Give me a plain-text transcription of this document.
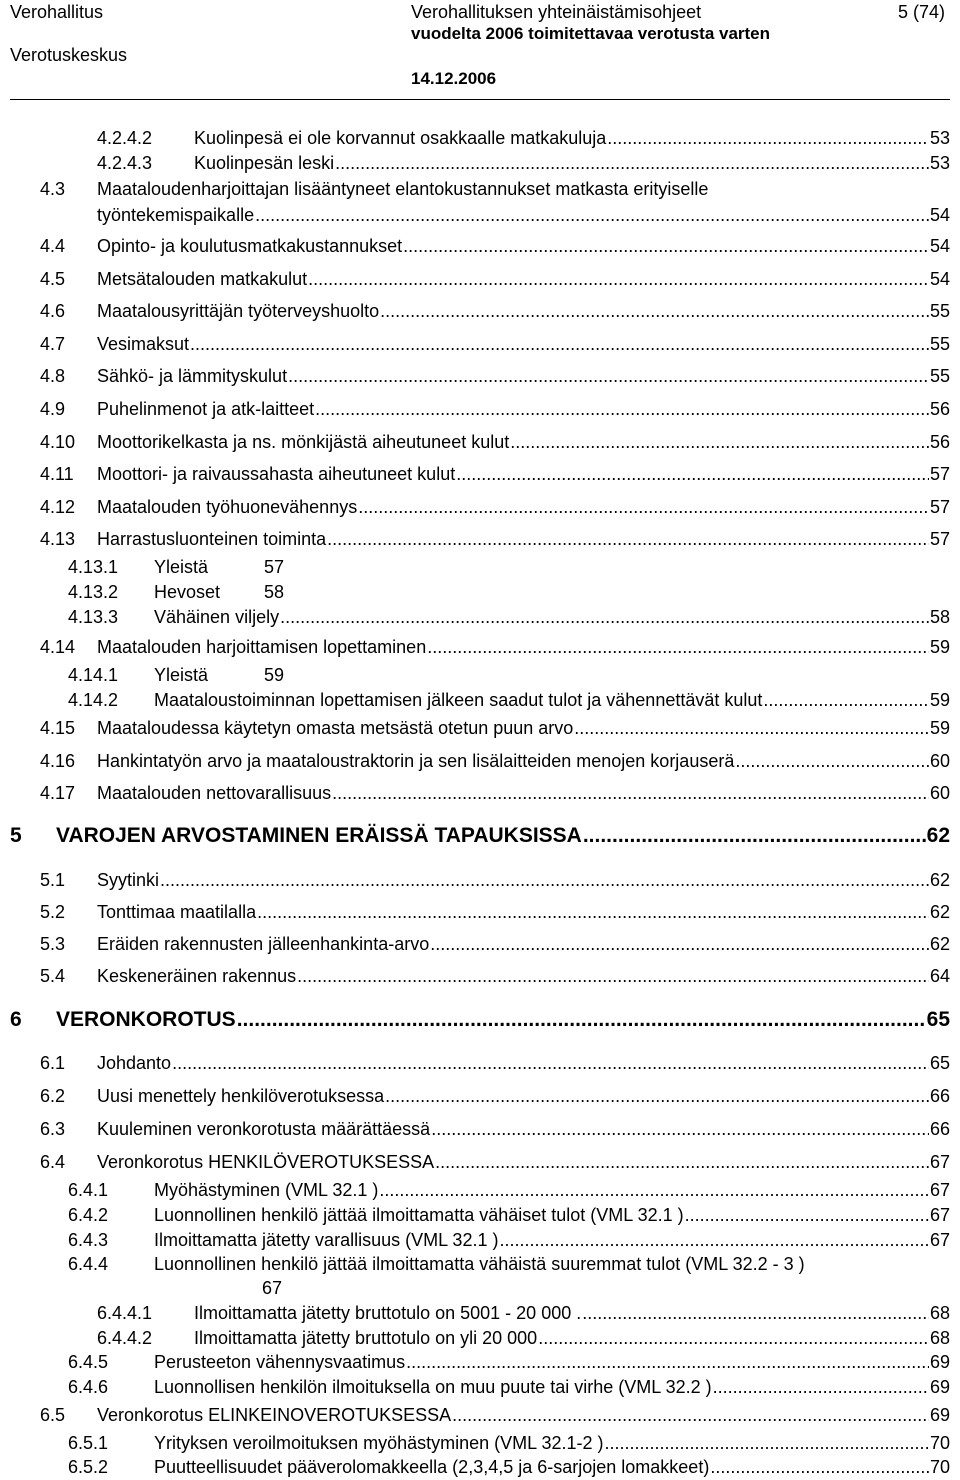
Verohallitus
Verotuskeskus
Verohallituksen yhteinäistämisohjeet
vuodelta 2006 toimitettavaa verotusta varten
14.12.2006
5 (74)
4.2.4.2	Kuolinpesä ei ole korvannut osakkaalle matkakuluja .....	53
4.2.4.3	Kuolinpesän leski .....	53
4.3	Maataloudenharjoittajan lisääntyneet elantokustannukset matkasta erityiselle
työntekemispaikalle .....	54
4.4	Opinto- ja koulutusmatkakustannukset .....	54
4.5	Metsätalouden matkakulut .....	54
4.6	Maatalousyrittäjän työterveyshuolto .....	55
4.7	Vesimaksut .....	55
4.8	Sähkö- ja lämmityskulut .....	55
4.9	Puhelinmenot ja atk-laitteet .....	56
4.10	Moottorikelkasta ja ns. mönkijästä aiheutuneet kulut .....	56
4.11	Moottori- ja raivaussahasta aiheutuneet kulut .....	57
4.12	Maatalouden työhuonevähennys .....	57
4.13	Harrastusluonteinen toiminta .....	57
4.13.1	Yleistä	57
4.13.2	Hevoset	58
4.13.3	Vähäinen viljely .....	58
4.14	Maatalouden harjoittamisen lopettaminen .....	59
4.14.1	Yleistä	59
4.14.2	Maataloustoiminnan lopettamisen jälkeen saadut tulot ja vähennettävät kulut .....	59
4.15	Maataloudessa käytetyn omasta metsästä otetun puun arvo .....	59
4.16	Hankintatyön arvo ja maataloustraktorin ja sen lisälaitteiden menojen korjauserä .....	60
4.17	Maatalouden nettovarallisuus .....	60
5	VAROJEN ARVOSTAMINEN ERÄISSÄ TAPAUKSISSA .....	62
5.1	Syytinki .....	62
5.2	Tonttimaa maatilalla .....	62
5.3	Eräiden rakennusten jälleenhankinta-arvo .....	62
5.4	Keskeneräinen rakennus .....	64
6	VERONKOROTUS .....	65
6.1	Johdanto .....	65
6.2	Uusi menettely henkilöverotuksessa .....	66
6.3	Kuuleminen veronkorotusta määrättäessä .....	66
6.4	Veronkorotus HENKILÖVEROTUKSESSA .....	67
6.4.1	Myöhästyminen (VML 32.1 ) .....	67
6.4.2	Luonnollinen henkilö jättää ilmoittamatta vähäiset tulot (VML 32.1 ) .....	67
6.4.3	Ilmoittamatta jätetty varallisuus (VML 32.1 ) .....	67
6.4.4	Luonnollinen henkilö jättää ilmoittamatta vähäistä suuremmat tulot (VML 32.2 - 3 )
67
6.4.4.1	Ilmoittamatta jätetty bruttotulo on 5001 - 20 000 . .....	68
6.4.4.2	Ilmoittamatta jätetty bruttotulo on yli 20 000 .....	68
6.4.5	Perusteeton vähennysvaatimus .....	69
6.4.6	Luonnollisen henkilön ilmoituksella on muu puute tai virhe (VML 32.2 ) .....	69
6.5	Veronkorotus ELINKEINOVEROTUKSESSA .....	69
6.5.1	Yrityksen veroilmoituksen myöhästyminen (VML 32.1-2 ) .....	70
6.5.2	Puutteellisuudet pääverolomakkeella (2,3,4,5 ja 6-sarjojen lomakkeet) .....	70
